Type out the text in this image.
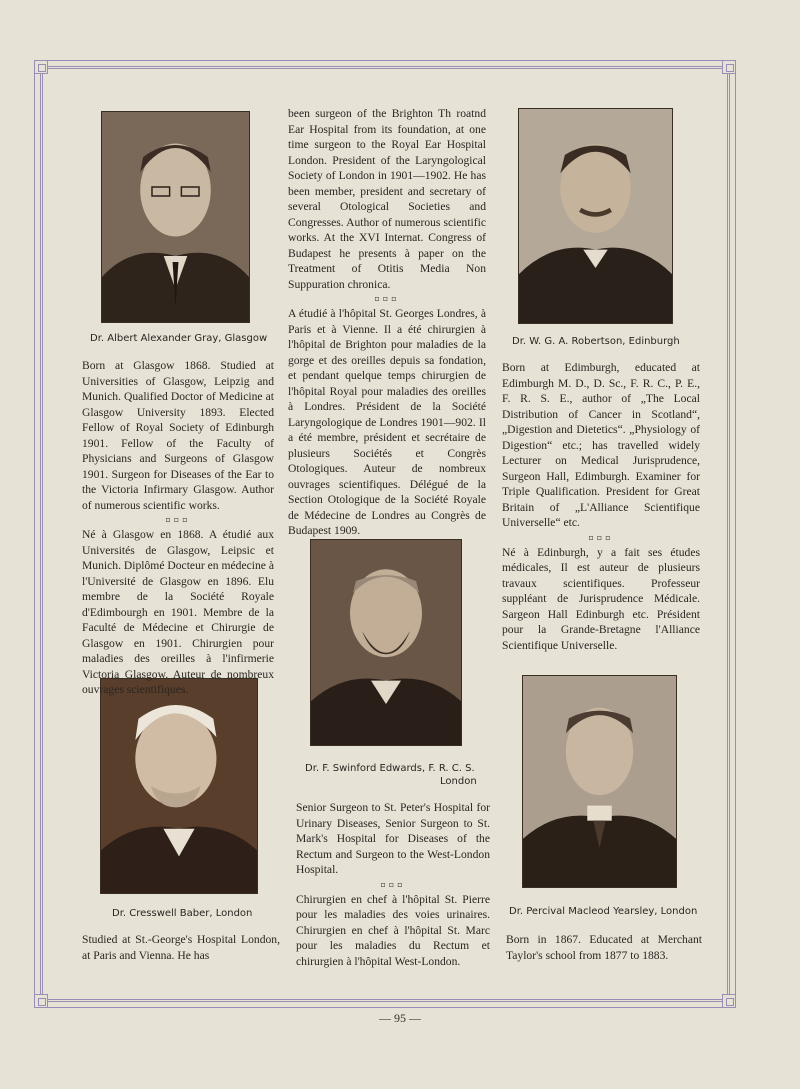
Dr. Albert Alexander Gray, Glasgow

Born at Glasgow 1868. Studied at Universities of Glasgow, Leipzig and Munich. Qualified Doctor of Medicine at Glasgow University 1893. Elected Fellow of Royal Society of Edinburgh 1901. Fellow of the Faculty of Physicians and Surgeons of Glasgow 1901. Surgeon for Diseases of the Ear to the Victoria Infirmary Glasgow. Author of numerous scientific works.

▫▫▫

Né à Glasgow en 1868. A étudié aux Universités de Glasgow, Leipsic et Munich. Diplômé Docteur en médecine à l'Université de Glasgow en 1896. Elu membre de la Société Royale d'Edimbourgh en 1901. Membre de la Faculté de Médecine et Chirurgie de Glasgow en 1901. Chirurgien pour maladies des oreilles à l'infirmerie Victoria Glasgow. Auteur de nombreux ouvrages scientifiques.

Dr. Cresswell Baber, London
Studied at St.-George's Hospital London, at Paris and Vienna. He has

been surgeon of the Brighton Th roatnd Ear Hospital from its foundation, at one time surgeon to the Royal Ear Hospital London. President of the Laryngological Society of London in 1901—1902. He has been member, president and secretary of several Otological Societies and Congresses. Author of numerous scientific works. At the XVI Internat. Congress of Budapest he presents à paper on the Treatment of Otitis Media Non Suppuration chronica.

▫▫▫

A étudié à l'hôpital St. Georges Londres, à Paris et à Vienne. Il a été chirurgien à l'hôpital de Brighton pour maladies de la gorge et des oreilles depuis sa fondation, et pendant quelque temps chirurgien de l'hôpital Royal pour maladies des oreilles à Londres. Président de la Société Laryngologique de Londres 1901—902. Il a été membre, président et secrétaire de plusieurs Sociétés et Congrès Otologiques. Auteur de nombreux ouvrages scientifiques. Délégué de la Section Otologique de la Société Royale de Médecine de Londres au Congrès de Budapest 1909.

Dr. F. Swinford Edwards, F. R. C. S.
London

Senior Surgeon to St. Peter's Hospital for Urinary Diseases, Senior Surgeon to St. Mark's Hospital for Diseases of the Rectum and Surgeon to the West-London Hospital.

▫▫▫

Chirurgien en chef à l'hôpital St. Pierre pour les maladies des voies urinaires. Chirurgien en chef à l'hôpital St. Marc pour les maladies du Rectum et chirurgien à l'hôpital West-London.

Dr. W. G. A. Robertson, Edinburgh

Born at Edimburgh, educated at Edimburgh M. D., D. Sc., F. R. C., P. E., F. R. S. E., author of „The Local Distribution of Cancer in Scotland“, „Digestion and Dietetics“. „Physiology of Digestion“ etc.; has travelled widely Lecturer on Medical Jurisprudence, Surgeon Hall, Edimburgh. Examiner for Triple Qualification. President for Great Britain of „L'Alliance Scientifique Universelle“ etc.

▫▫▫

Né à Edinburgh, y a fait ses études médicales, Il est auteur de plusieurs travaux scientifiques. Professeur suppléant de Jurisprudence Médicale. Sargeon Hall Edinburgh etc. Président pour la Grande-Bretagne l'Alliance Scientifique Universelle.

Dr. Percival Macleod Yearsley, London
Born in 1867. Educated at Merchant Taylor's school from 1877 to 1883.
— 95 —
